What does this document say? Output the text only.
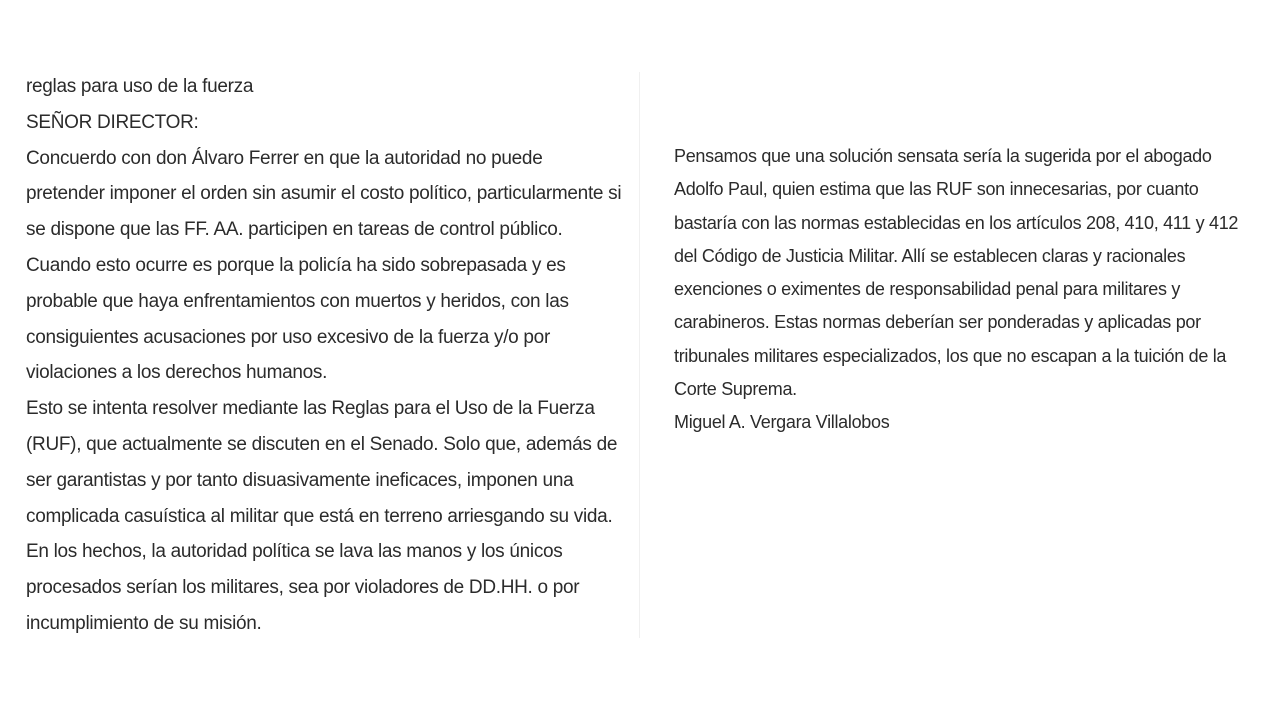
reglas para uso de la fuerza

SEÑOR DIRECTOR:

Concuerdo con don Álvaro Ferrer en que la autoridad no puede pretender imponer el orden sin asumir el costo político, particularmente si se dispone que las FF. AA. participen en tareas de control público.

Cuando esto ocurre es porque la policía ha sido sobrepasada y es probable que haya enfrentamientos con muertos y heridos, con las consiguientes acusaciones por uso excesivo de la fuerza y/o por violaciones a los derechos humanos.

Esto se intenta resolver mediante las Reglas para el Uso de la Fuerza (RUF), que actualmente se discuten en el Senado. Solo que, además de ser garantistas y por tanto disuasivamente ineficaces, imponen una complicada casuística al militar que está en terreno arriesgando su vida.

En los hechos, la autoridad política se lava las manos y los únicos procesados serían los militares, sea por violadores de DD.HH. o por incumplimiento de su misión.

Pensamos que una solución sensata sería la sugerida por el abogado Adolfo Paul, quien estima que las RUF son innecesarias, por cuanto bastaría con las normas establecidas en los artículos 208, 410, 411 y 412 del Código de Justicia Militar. Allí se establecen claras y racionales exenciones o eximentes de responsabilidad penal para militares y carabineros. Estas normas deberían ser ponderadas y aplicadas por tribunales militares especializados, los que no escapan a la tuición de la Corte Suprema.

Miguel A. Vergara Villalobos
